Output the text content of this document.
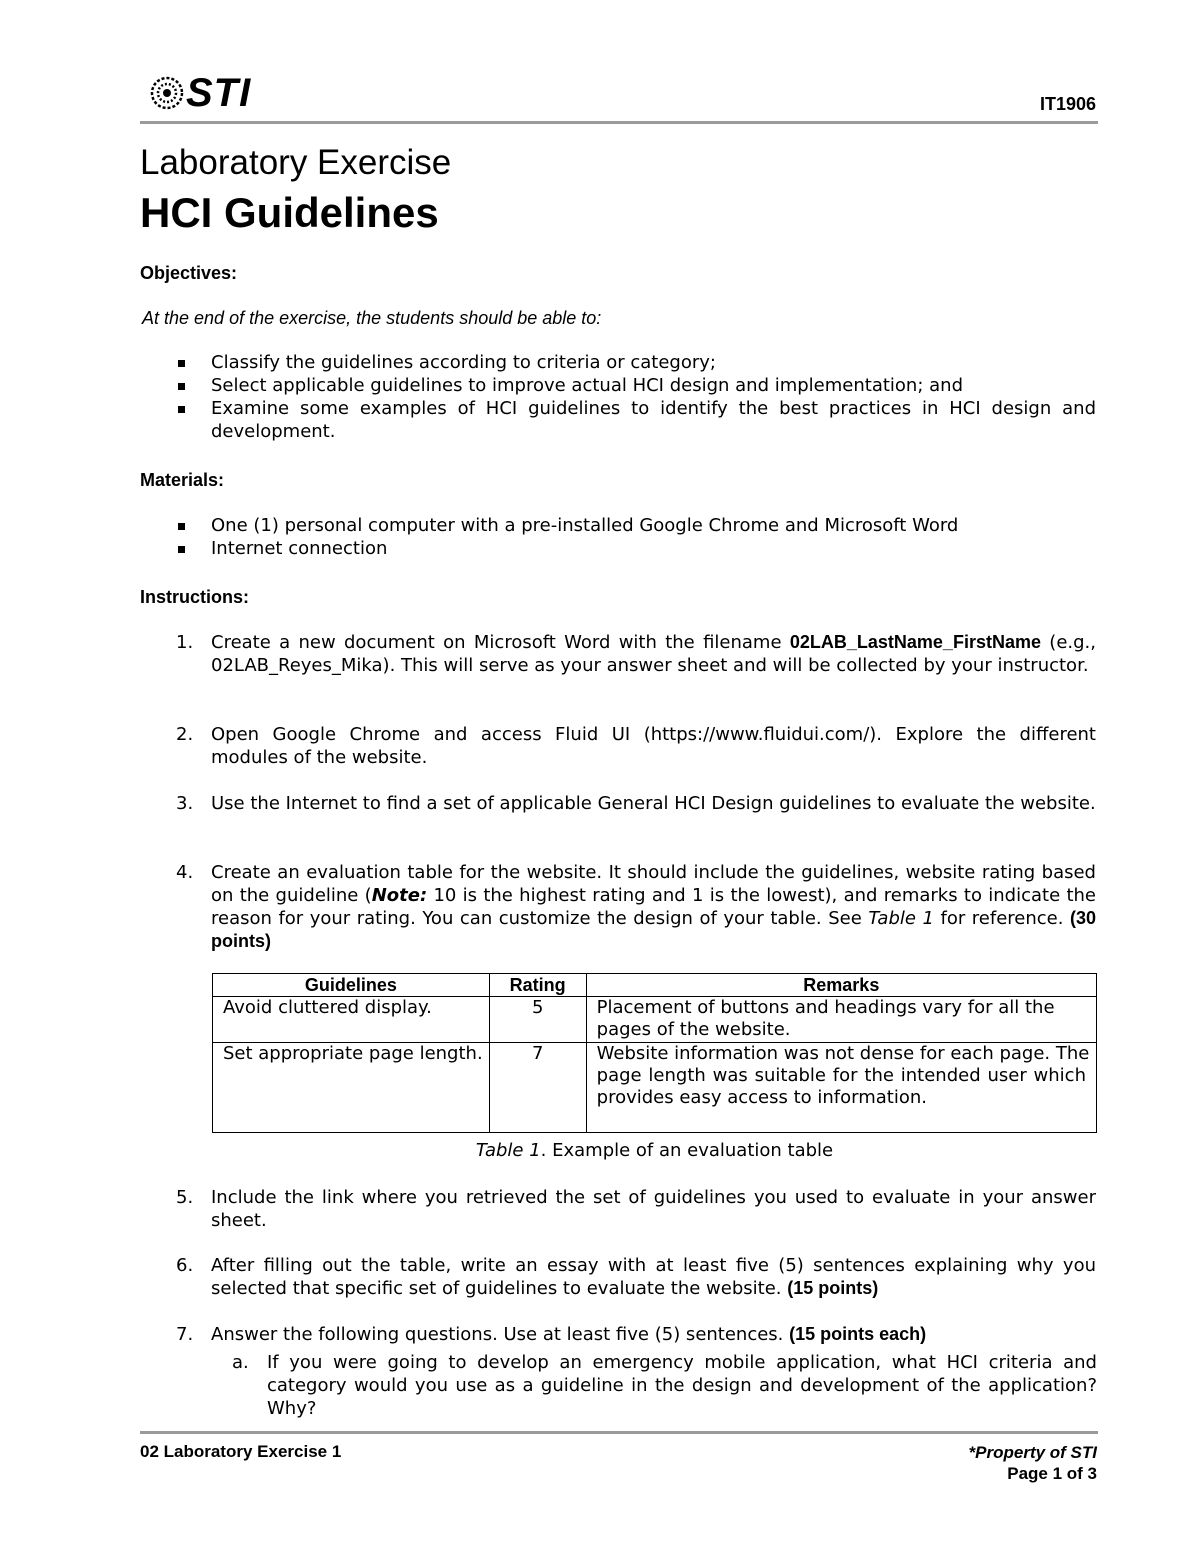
STI	IT1906
Laboratory Exercise
HCI Guidelines
Objectives:
At the end of the exercise, the students should be able to:
Classify the guidelines according to criteria or category;
Select applicable guidelines to improve actual HCI design and implementation; and
Examine some examples of HCI guidelines to identify the best practices in HCI design and development.
Materials:
One (1) personal computer with a pre-installed Google Chrome and Microsoft Word
Internet connection
Instructions:
1. Create a new document on Microsoft Word with the filename 02LAB_LastName_FirstName (e.g., 02LAB_Reyes_Mika). This will serve as your answer sheet and will be collected by your instructor.
2. Open Google Chrome and access Fluid UI (https://www.fluidui.com/). Explore the different modules of the website.
3. Use the Internet to find a set of applicable General HCI Design guidelines to evaluate the website.
4. Create an evaluation table for the website. It should include the guidelines, website rating based on the guideline (Note: 10 is the highest rating and 1 is the lowest), and remarks to indicate the reason for your rating. You can customize the design of your table. See Table 1 for reference. (30 points)
Guidelines	Rating	Remarks
Avoid cluttered display.	5	Placement of buttons and headings vary for all the pages of the website.
Set appropriate page length.	7	Website information was not dense for each page. The
page length was suitable for the intended user which provides easy access to information.
Table 1. Example of an evaluation table
5. Include the link where you retrieved the set of guidelines you used to evaluate in your answer sheet.
6. After filling out the table, write an essay with at least five (5) sentences explaining why you selected that specific set of guidelines to evaluate the website. (15 points)
7. Answer the following questions. Use at least five (5) sentences. (15 points each)
a. If you were going to develop an emergency mobile application, what HCI criteria and category would you use as a guideline in the design and development of the application? Why?
02 Laboratory Exercise 1	*Property of STI
Page 1 of 3
